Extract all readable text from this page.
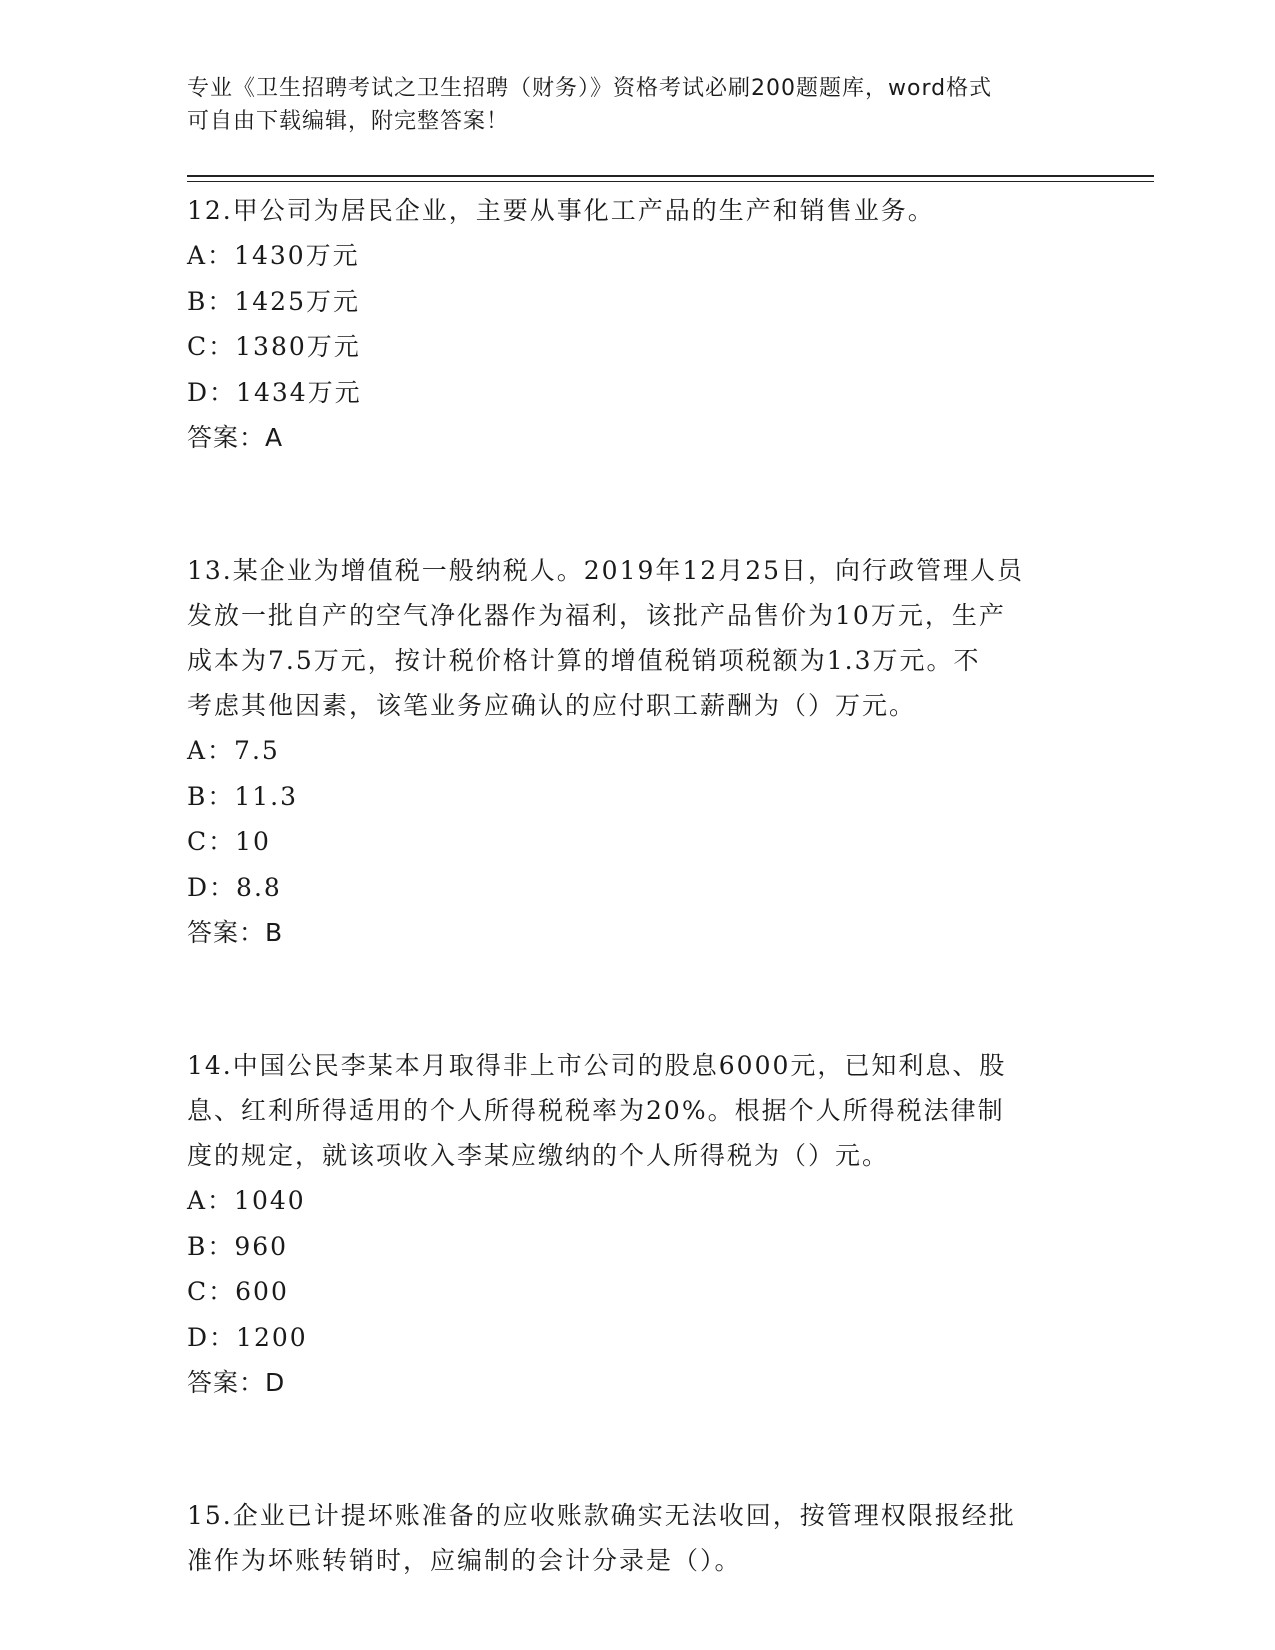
专业《卫生招聘考试之卫生招聘（财务）》资格考试必刷200题题库，word格式
可自由下载编辑，附完整答案！

12.甲公司为居民企业，主要从事化工产品的生产和销售业务。

A：1430万元

B：1425万元

C：1380万元

D：1434万元

答案：A

13.某企业为增值税一般纳税人。2019年12月25日，向行政管理人员

发放一批自产的空气净化器作为福利，该批产品售价为10万元，生产

成本为7.5万元，按计税价格计算的增值税销项税额为1.3万元。不

考虑其他因素，该笔业务应确认的应付职工薪酬为（）万元。

A：7.5

B：11.3

C：10

D：8.8

答案：B

14.中国公民李某本月取得非上市公司的股息6000元，已知利息、股

息、红利所得适用的个人所得税税率为20%。根据个人所得税法律制

度的规定，就该项收入李某应缴纳的个人所得税为（）元。

A：1040

B：960

C：600

D：1200

答案：D

15.企业已计提坏账准备的应收账款确实无法收回，按管理权限报经批

准作为坏账转销时，应编制的会计分录是（）。
